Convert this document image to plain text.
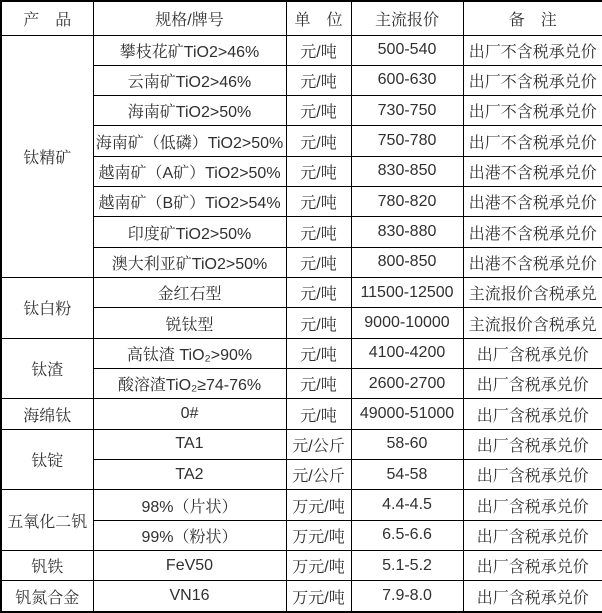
产　品	规格/牌号	单　位	主流报价	备　注
钛精矿	攀枝花矿TiO2>46%	元/吨	500-540	出厂不含税承兑价
	云南矿TiO2>46%	元/吨	600-630	出厂不含税承兑价
	海南矿TiO2>50%	元/吨	730-750	出厂不含税承兑价
	海南矿（低磷）TiO2>50%	元/吨	750-780	出厂不含税承兑价
	越南矿（A矿）TiO2>50%	元/吨	830-850	出港不含税承兑价
	越南矿（B矿）TiO2>54%	元/吨	780-820	出港不含税承兑价
	印度矿TiO2>50%	元/吨	830-880	出港不含税承兑价
	澳大利亚矿TiO2>50%	元/吨	800-850	出港不含税承兑价
钛白粉	金红石型	元/吨	11500-12500	主流报价含税承兑
	锐钛型	元/吨	9000-10000	主流报价含税承兑
钛渣	高钛渣 TiO₂>90%	元/吨	4100-4200	出厂含税承兑价
	酸溶渣TiO₂≥74-76%	元/吨	2600-2700	出厂含税承兑价
海绵钛	0#	元/吨	49000-51000	出厂含税承兑价
钛锭	TA1	元/公斤	58-60	出厂含税承兑价
	TA2	元/公斤	54-58	出厂含税承兑价
五氧化二钒	98%（片状）	万元/吨	4.4-4.5	出厂含税承兑价
	99%（粉状）	万元/吨	6.5-6.6	出厂含税承兑价
钒铁	FeV50	万元/吨	5.1-5.2	出厂含税承兑价
钒氮合金	VN16	万元/吨	7.9-8.0	出厂含税承兑价
